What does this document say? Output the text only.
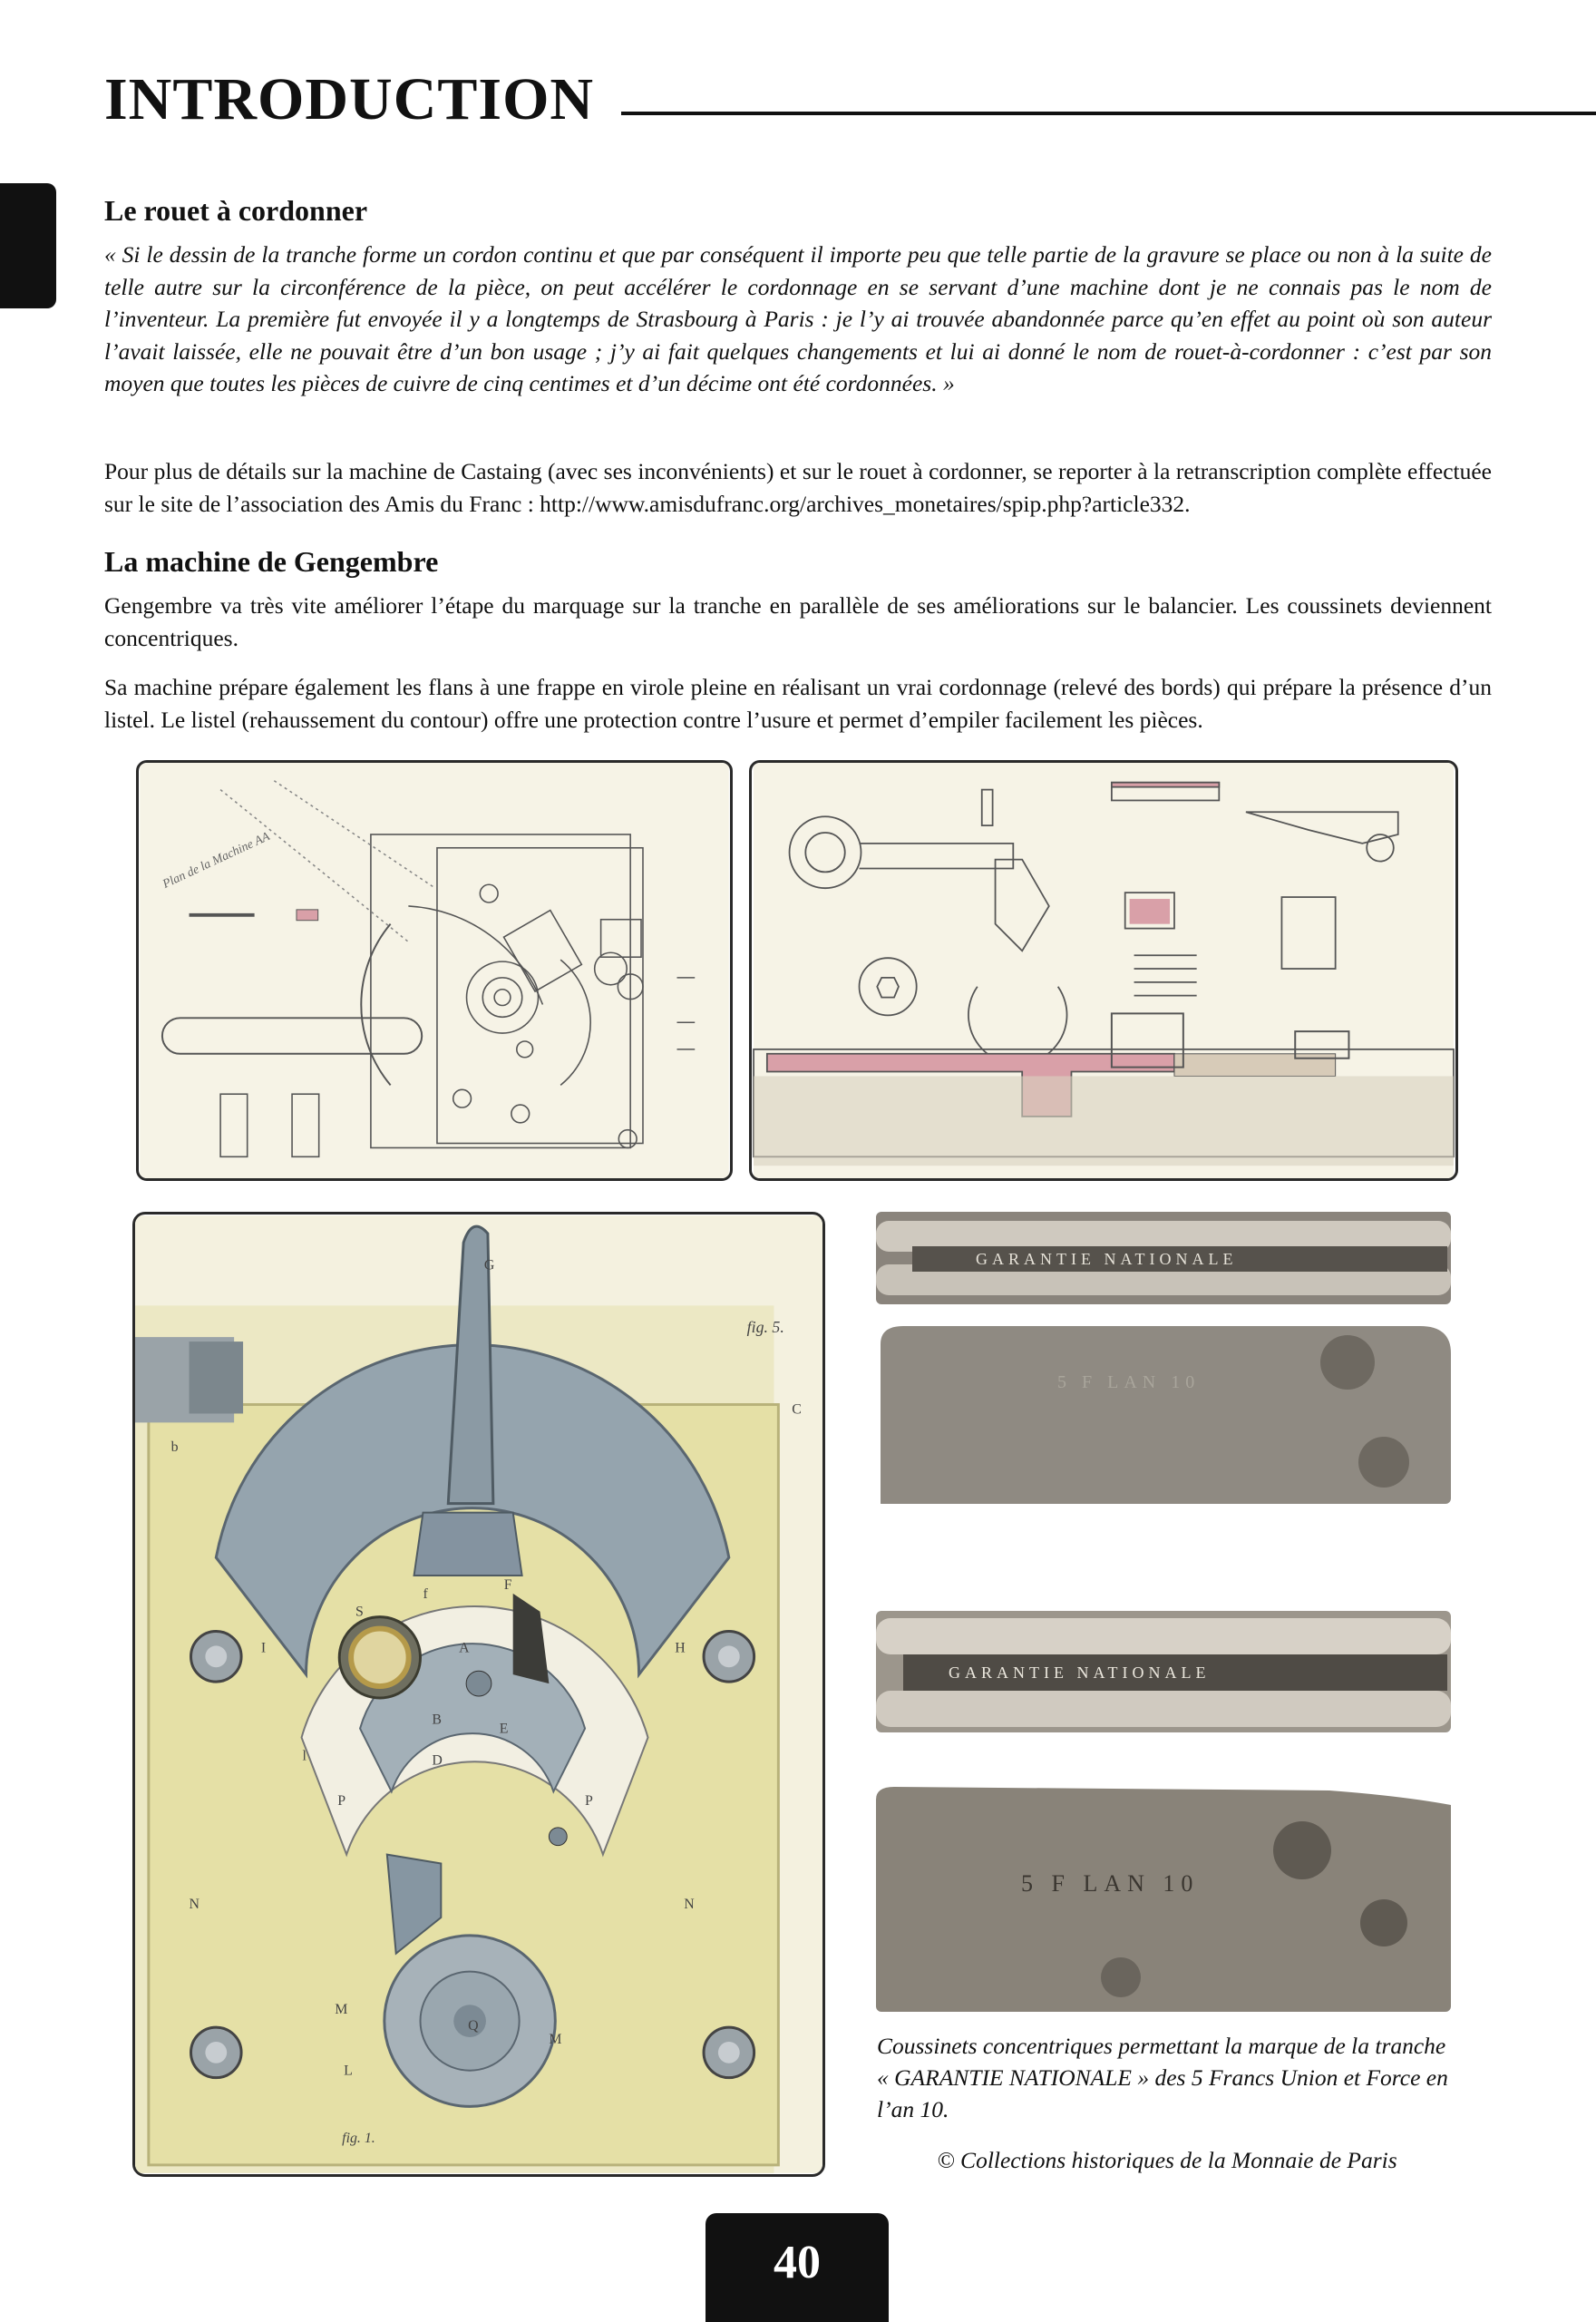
INTRODUCTION
Le rouet à cordonner

« Si le dessin de la tranche forme un cordon continu et que par conséquent il importe peu que telle partie de la gravure se place ou non à la suite de telle autre sur la circonférence de la pièce, on peut accélérer le cordonnage en se servant d’une machine dont je ne connais pas le nom de l’inventeur. La première fut envoyée il y a longtemps de Strasbourg à Paris : je l’y ai trouvée abandonnée parce qu’en effet au point où son auteur l’avait laissée, elle ne pouvait être d’un bon usage ; j’y ai fait quelques changements et lui ai donné le nom de rouet-à-cordonner : c’est par son moyen que toutes les pièces de cuivre de cinq centimes et d’un décime ont été cordonnées. »

Pour plus de détails sur la machine de Castaing (avec ses inconvénients) et sur le rouet à cordonner, se reporter à la retranscription complète effectuée sur le site de l’association des Amis du Franc : http://www.amisdufranc.org/archives_monetaires/spip.php?article332.

La machine de Gengembre

Gengembre va très vite améliorer l’étape du marquage sur la tranche en parallèle de ses améliorations sur le balancier. Les coussinets deviennent concentriques.

Sa machine prépare également les flans à une frappe en virole pleine en réalisant un vrai cordonnage (relevé des bords) qui prépare la présence d’un listel. Le listel (rehaussement du contour) offre une protection contre l’usure et permet d’empiler facilement les pièces.

Plan de la Machine AA
G
fig. 5.
C
b
f
F
I	H
S
A
E
B
D
P	P
l
N	N
M
M
Q
L
fig. 1.
GARANTIE NATIONALE
5 F LAN 10
GARANTIE NATIONALE
5 F LAN 10

Coussinets concentriques permettant la marque de la tranche « GARANTIE NATIONALE » des 5 Francs Union et Force en l’an 10.

© Collections historiques de la Monnaie de Paris

40
